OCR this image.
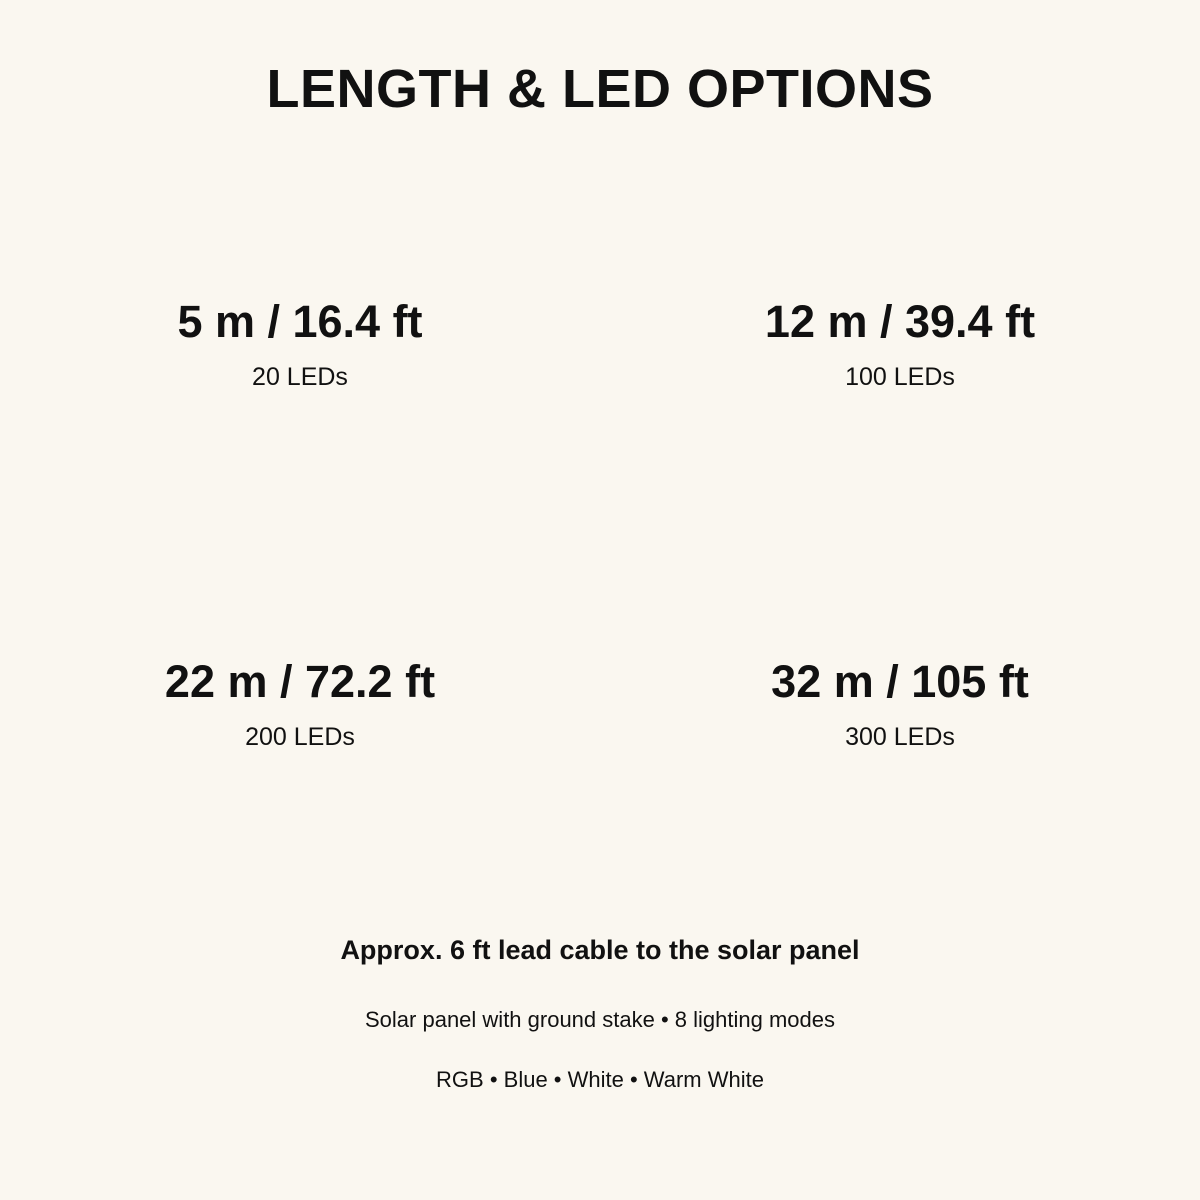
LENGTH & LED OPTIONS
5 m / 16.4 ft
20 LEDs
12 m / 39.4 ft
100 LEDs
22 m / 72.2 ft
200 LEDs
32 m / 105 ft
300 LEDs
Approx. 6 ft lead cable to the solar panel
Solar panel with ground stake • 8 lighting modes
RGB • Blue • White • Warm White
